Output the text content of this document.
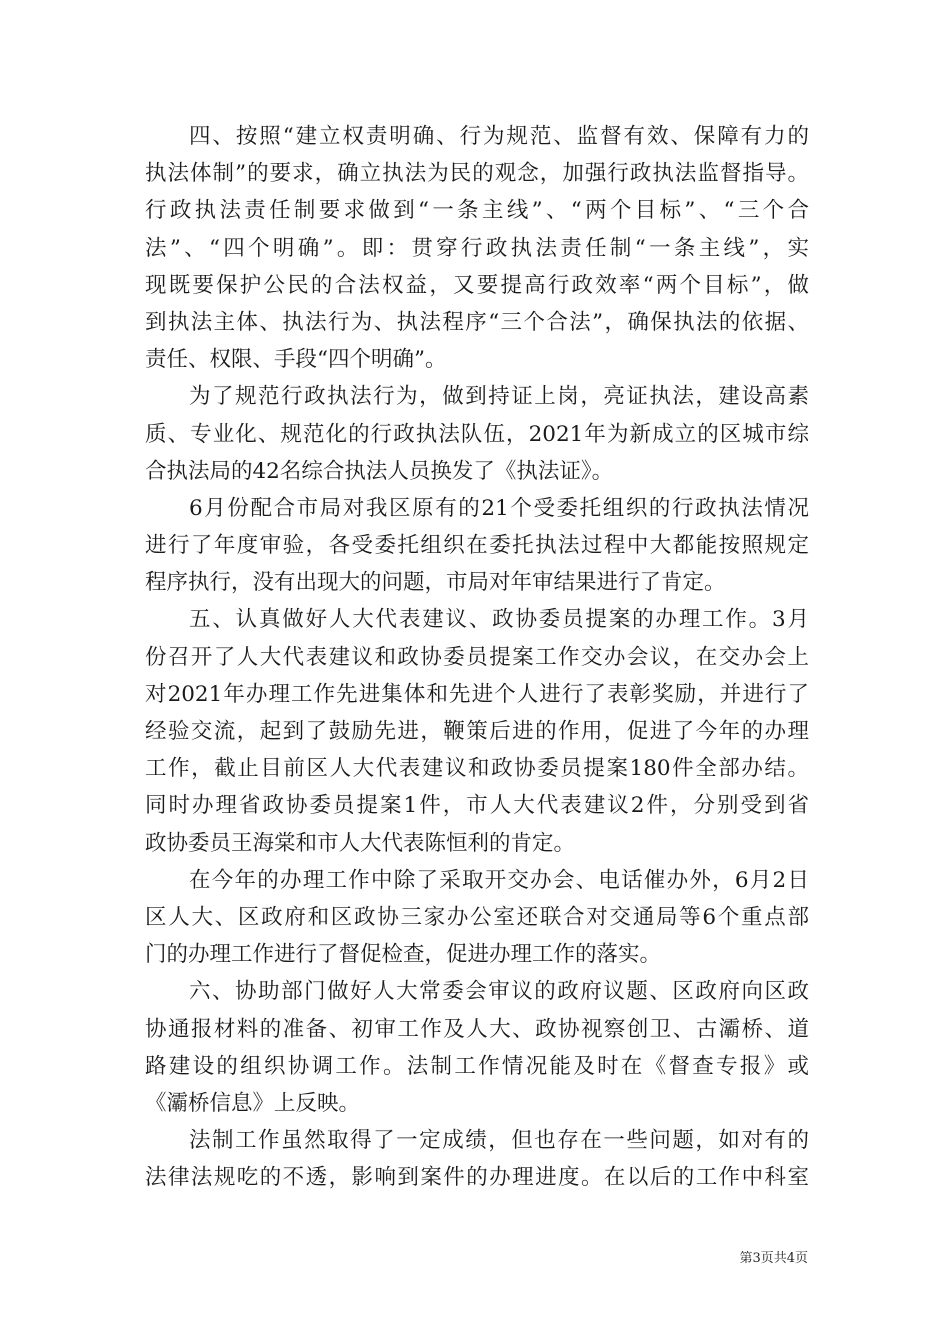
四、按照“建立权责明确、行为规范、监督有效、保障有力的
执法体制”的要求，确立执法为民的观念，加强行政执法监督指导。
行政执法责任制要求做到“一条主线”、“两个目标”、“三个合
法”、“四个明确”。即：贯穿行政执法责任制“一条主线”，实
现既要保护公民的合法权益，又要提高行政效率“两个目标”，做
到执法主体、执法行为、执法程序“三个合法”，确保执法的依据、
责任、权限、手段“四个明确”。
为了规范行政执法行为，做到持证上岗，亮证执法，建设高素
质、专业化、规范化的行政执法队伍，2021年为新成立的区城市综
合执法局的42名综合执法人员换发了《执法证》。
6月份配合市局对我区原有的21个受委托组织的行政执法情况
进行了年度审验，各受委托组织在委托执法过程中大都能按照规定
程序执行，没有出现大的问题，市局对年审结果进行了肯定。
五、认真做好人大代表建议、政协委员提案的办理工作。3月
份召开了人大代表建议和政协委员提案工作交办会议，在交办会上
对2021年办理工作先进集体和先进个人进行了表彰奖励，并进行了
经验交流，起到了鼓励先进，鞭策后进的作用，促进了今年的办理
工作，截止目前区人大代表建议和政协委员提案180件全部办结。
同时办理省政协委员提案1件，市人大代表建议2件，分别受到省
政协委员王海棠和市人大代表陈恒利的肯定。
在今年的办理工作中除了采取开交办会、电话催办外，6月2日
区人大、区政府和区政协三家办公室还联合对交通局等6个重点部
门的办理工作进行了督促检查，促进办理工作的落实。
六、协助部门做好人大常委会审议的政府议题、区政府向区政
协通报材料的准备、初审工作及人大、政协视察创卫、古灞桥、道
路建设的组织协调工作。法制工作情况能及时在《督查专报》或
《灞桥信息》上反映。
法制工作虽然取得了一定成绩，但也存在一些问题，如对有的
法律法规吃的不透，影响到案件的办理进度。在以后的工作中科室
第3页共4页
